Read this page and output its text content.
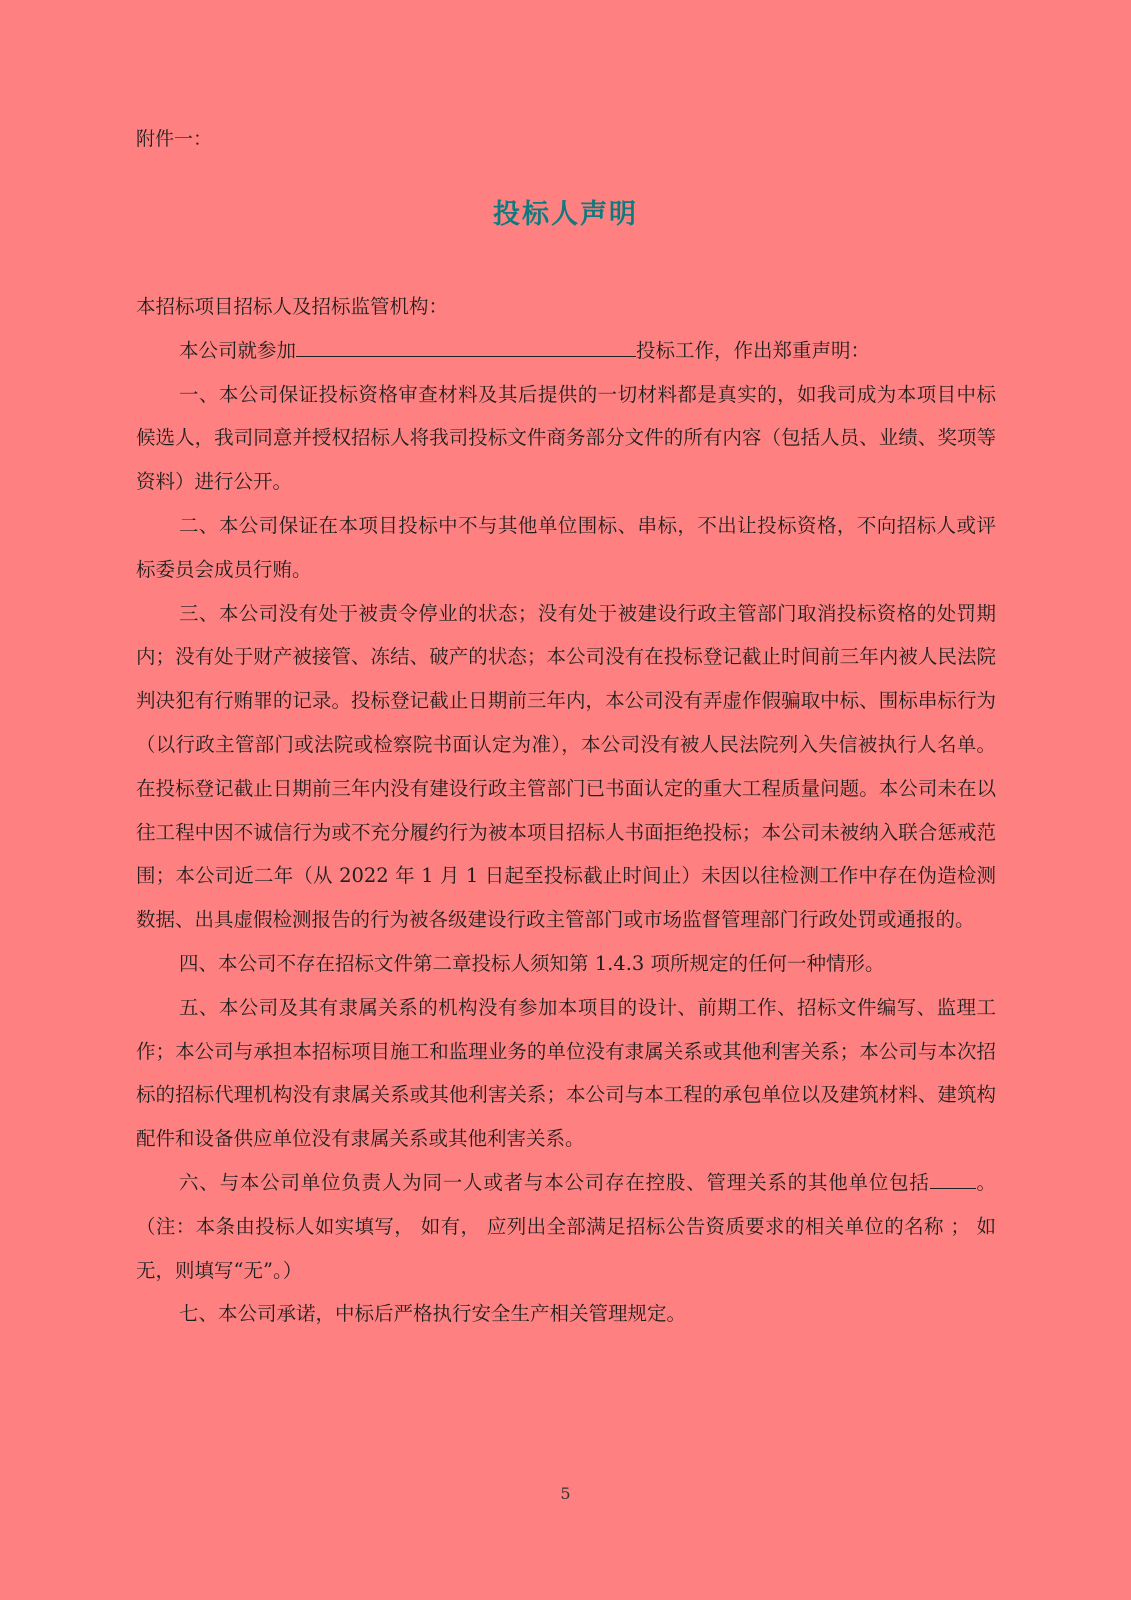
附件一：

投标人声明

本招标项目招标人及招标监管机构：

本公司就参加	投标工作，作出郑重声明：

一、本公司保证投标资格审查材料及其后提供的一切材料都是真实的，如我司成为本项目中标候选人，我司同意并授权招标人将我司投标文件商务部分文件的所有内容（包括人员、业绩、奖项等资料）进行公开。

二、本公司保证在本项目投标中不与其他单位围标、串标，不出让投标资格，不向招标人或评标委员会成员行贿。

三、本公司没有处于被责令停业的状态；没有处于被建设行政主管部门取消投标资格的处罚期内；没有处于财产被接管、冻结、破产的状态；本公司没有在投标登记截止时间前三年内被人民法院判决犯有行贿罪的记录。投标登记截止日期前三年内，本公司没有弄虚作假骗取中标、围标串标行为（以行政主管部门或法院或检察院书面认定为准），本公司没有被人民法院列入失信被执行人名单。在投标登记截止日期前三年内没有建设行政主管部门已书面认定的重大工程质量问题。本公司未在以往工程中因不诚信行为或不充分履约行为被本项目招标人书面拒绝投标；本公司未被纳入联合惩戒范围；本公司近二年（从 2022 年 1 月 1 日起至投标截止时间止）未因以往检测工作中存在伪造检测数据、出具虚假检测报告的行为被各级建设行政主管部门或市场监督管理部门行政处罚或通报的。

四、本公司不存在招标文件第二章投标人须知第 1.4.3 项所规定的任何一种情形。

五、本公司及其有隶属关系的机构没有参加本项目的设计、前期工作、招标文件编写、监理工作；本公司与承担本招标项目施工和监理业务的单位没有隶属关系或其他利害关系；本公司与本次招标的招标代理机构没有隶属关系或其他利害关系；本公司与本工程的承包单位以及建筑材料、建筑构配件和设备供应单位没有隶属关系或其他利害关系。

六、与本公司单位负责人为同一人或者与本公司存在控股、管理关系的其他单位包括 。（注：本条由投标人如实填写， 如有， 应列出全部满足招标公告资质要求的相关单位的名称 ； 如无，则填写“无”。）

七、本公司承诺，中标后严格执行安全生产相关管理规定。

5
